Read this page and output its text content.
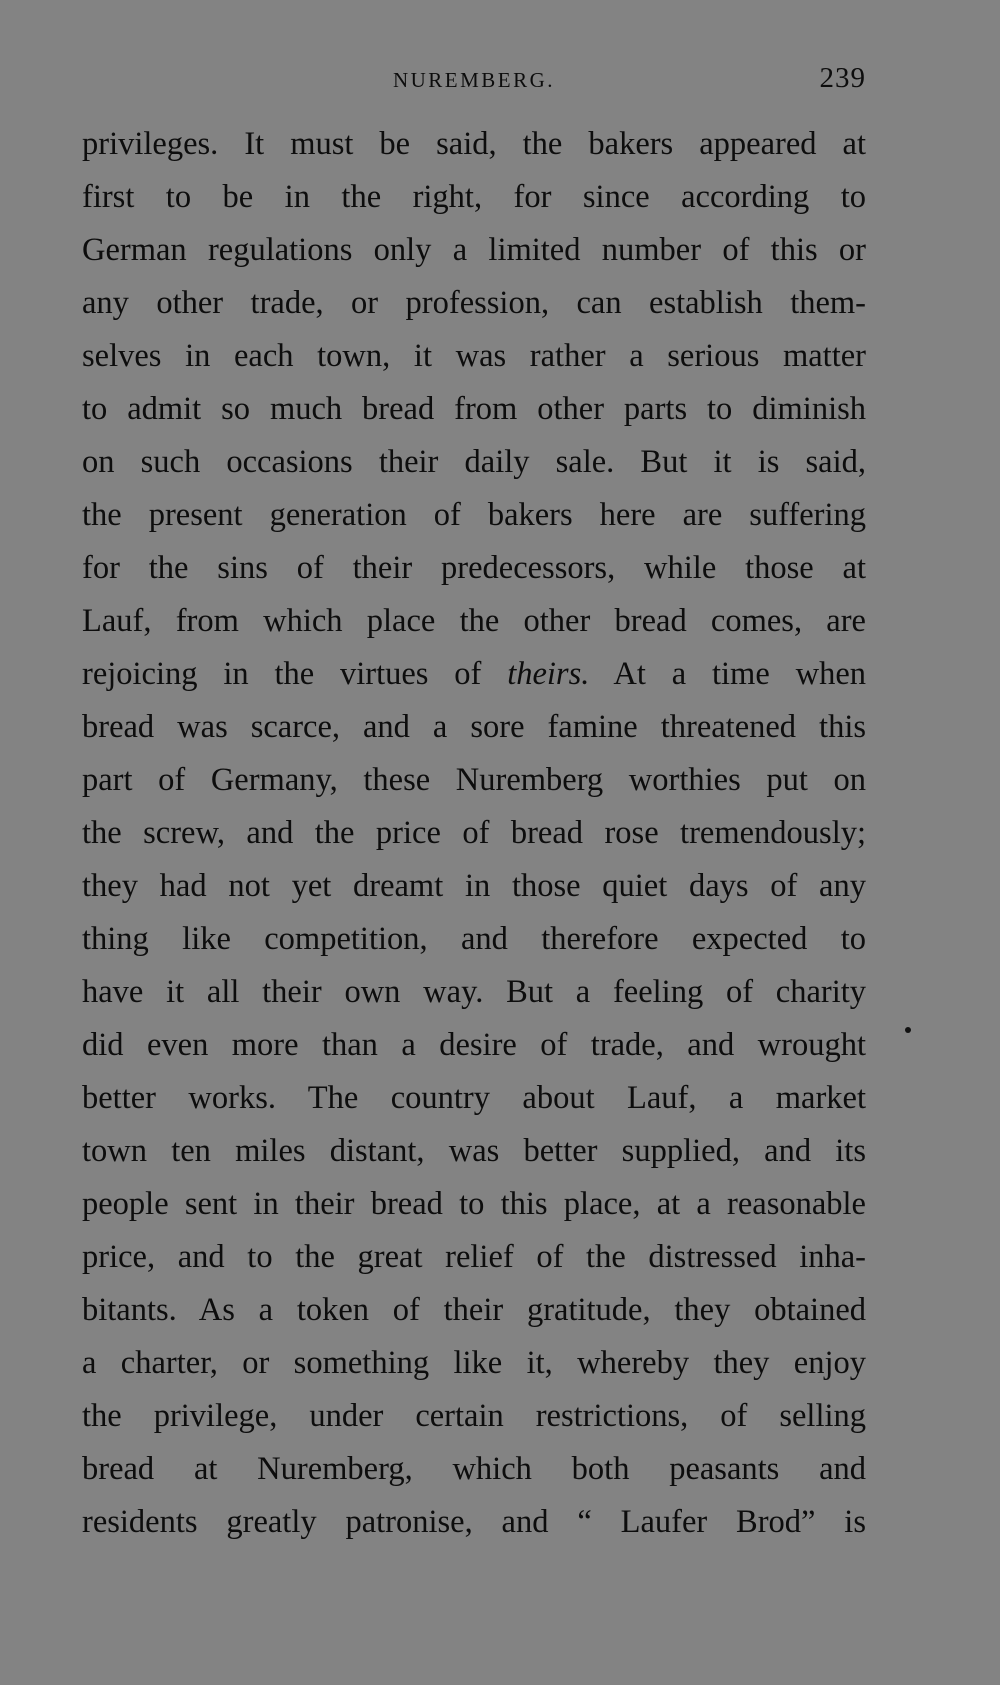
NUREMBERG.	239
privileges. It must be said, the bakers appeared at
first to be in the right, for since according to
German regulations only a limited number of this or
any other trade, or profession, can establish them-
selves in each town, it was rather a serious matter
to admit so much bread from other parts to diminish
on such occasions their daily sale. But it is said,
the present generation of bakers here are suffering
for the sins of their predecessors, while those at
Lauf, from which place the other bread comes, are
rejoicing in the virtues of theirs. At a time when
bread was scarce, and a sore famine threatened this
part of Germany, these Nuremberg worthies put on
the screw, and the price of bread rose tremendously;
they had not yet dreamt in those quiet days of any
thing like competition, and therefore expected to
have it all their own way. But a feeling of charity
did even more than a desire of trade, and wrought
better works. The country about Lauf, a market
town ten miles distant, was better supplied, and its
people sent in their bread to this place, at a reasonable
price, and to the great relief of the distressed inha-
bitants. As a token of their gratitude, they obtained
a charter, or something like it, whereby they enjoy
the privilege, under certain restrictions, of selling
bread at Nuremberg, which both peasants and
residents greatly patronise, and “ Laufer Brod” is
